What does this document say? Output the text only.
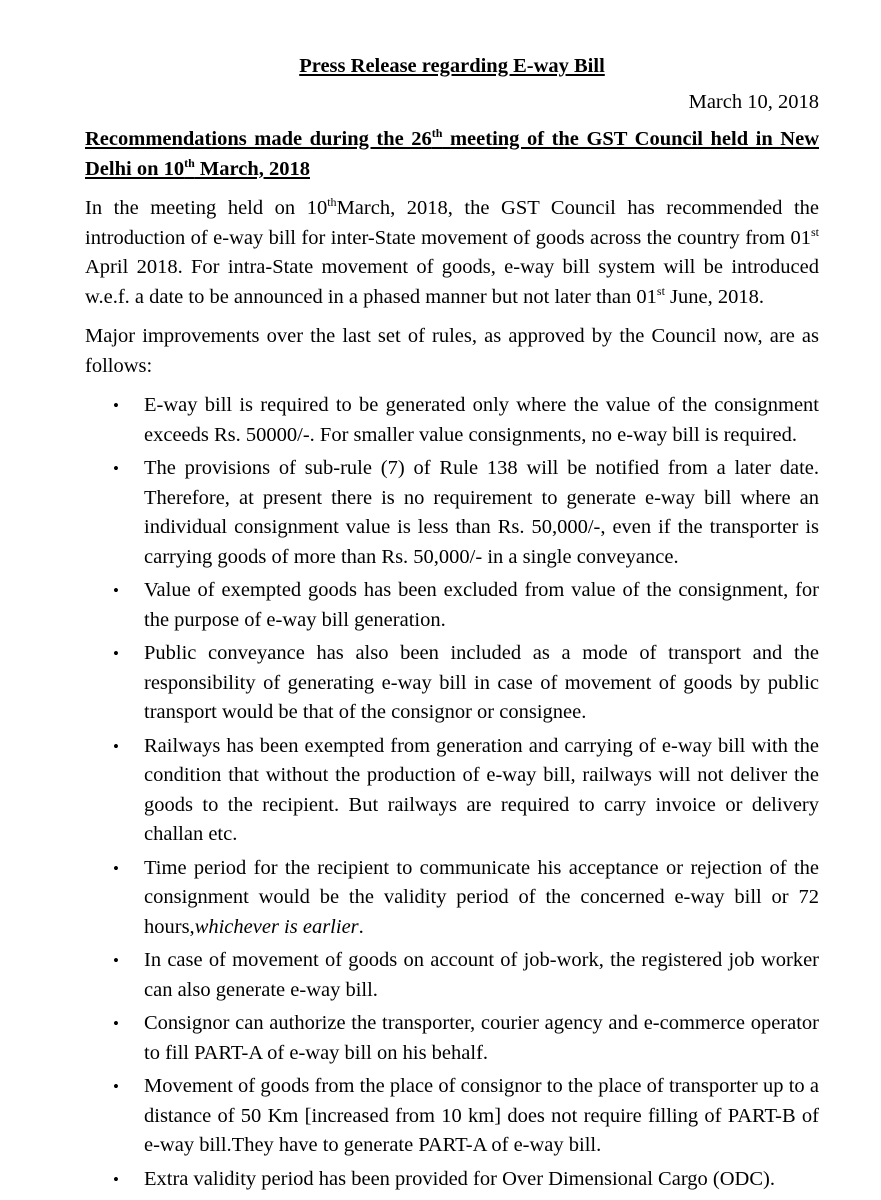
Press Release regarding E-way Bill
March 10, 2018
Recommendations made during the 26th meeting of the GST Council held in New Delhi on 10th March, 2018
In the meeting held on 10thMarch, 2018, the GST Council has recommended the introduction of e-way bill for inter-State movement of goods across the country from 01st April 2018. For intra-State movement of goods, e-way bill system will be introduced w.e.f. a date to be announced in a phased manner but not later than 01st June, 2018.
Major improvements over the last set of rules, as approved by the Council now, are as follows:
• E-way bill is required to be generated only where the value of the consignment exceeds Rs. 50000/-. For smaller value consignments, no e-way bill is required.
• The provisions of sub-rule (7) of Rule 138 will be notified from a later date. Therefore, at present there is no requirement to generate e-way bill where an individual consignment value is less than Rs. 50,000/-, even if the transporter is carrying goods of more than Rs. 50,000/- in a single conveyance.
• Value of exempted goods has been excluded from value of the consignment, for the purpose of e-way bill generation.
• Public conveyance has also been included as a mode of transport and the responsibility of generating e-way bill in case of movement of goods by public transport would be that of the consignor or consignee.
• Railways has been exempted from generation and carrying of e-way bill with the condition that without the production of e-way bill, railways will not deliver the goods to the recipient. But railways are required to carry invoice or delivery challan etc.
• Time period for the recipient to communicate his acceptance or rejection of the consignment would be the validity period of the concerned e-way bill or 72 hours,whichever is earlier.
• In case of movement of goods on account of job-work, the registered job worker can also generate e-way bill.
• Consignor can authorize the transporter, courier agency and e-commerce operator to fill PART-A of e-way bill on his behalf.
• Movement of goods from the place of consignor to the place of transporter up to a distance of 50 Km [increased from 10 km] does not require filling of PART-B of e-way bill.They have to generate PART-A of e-way bill.
• Extra validity period has been provided for Over Dimensional Cargo (ODC).
